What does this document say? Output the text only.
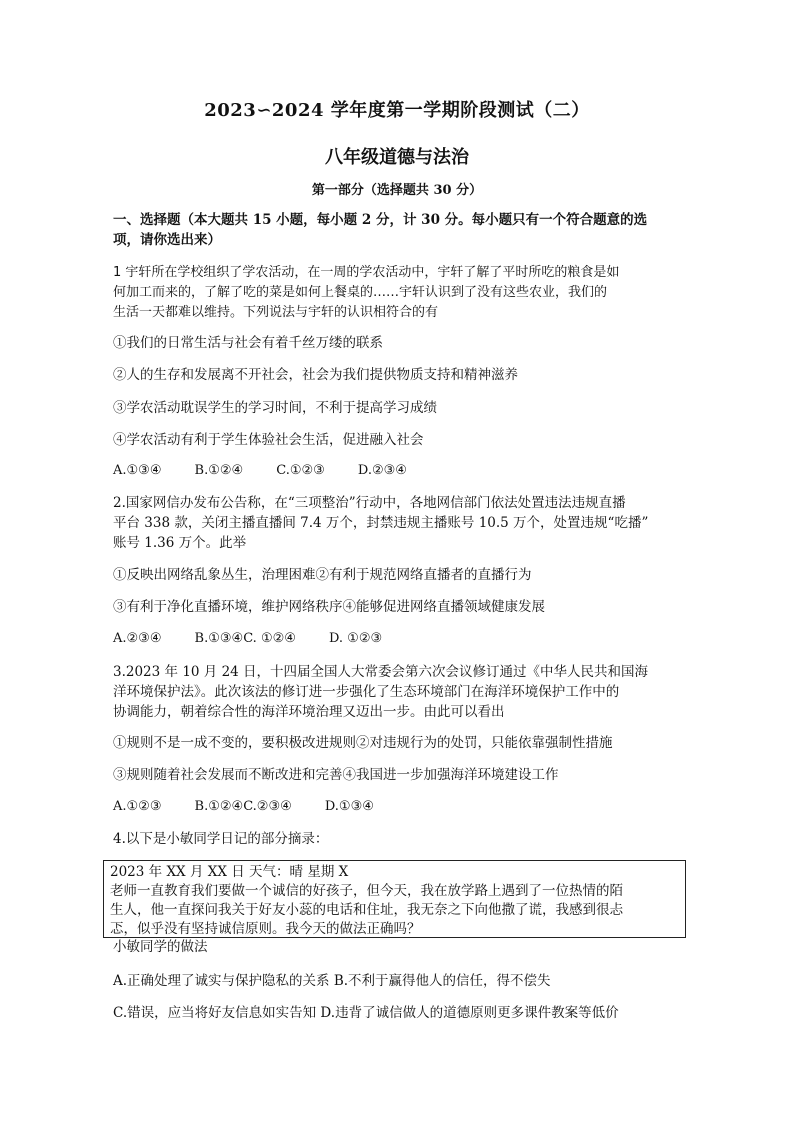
2023∽2024 学年度第一学期阶段测试（二）
八年级道德与法治
第一部分（选择题共 30 分）
一、选择题（本大题共 15 小题，每小题 2 分，计 30 分。每小题只有一个符合题意的选
项，请你选出来）
1 宇轩所在学校组织了学农活动，在一周的学农活动中，宇轩了解了平时所吃的粮食是如
何加工而来的，了解了吃的菜是如何上餐桌的……宇轩认识到了没有这些农业，我们的
生活一天都难以维持。下列说法与宇轩的认识相符合的有
①我们的日常生活与社会有着千丝万缕的联系
②人的生存和发展离不开社会，社会为我们提供物质支持和精神滋养
③学农活动耽误学生的学习时间，不利于提高学习成绩
④学农活动有利于学生体验社会生活，促进融入社会
A.①③④        B.①②④        C.①②③        D.②③④
2.国家网信办发布公告称，在“三项整治”行动中，各地网信部门依法处置违法违规直播
平台 338 款，关闭主播直播间 7.4 万个，封禁违规主播账号 10.5 万个，处置违规“吃播”
账号 1.36 万个。此举
①反映出网络乱象丛生，治理困难②有利于规范网络直播者的直播行为
③有利于净化直播环境，维护网络秩序④能够促进网络直播领域健康发展
A.②③④        B.①③④C. ①②④        D. ①②③
3.2023 年 10 月 24 日，十四届全国人大常委会第六次会议修订通过《中华人民共和国海
洋环境保护法》。此次该法的修订进一步强化了生态环境部门在海洋环境保护工作中的
协调能力，朝着综合性的海洋环境治理又迈出一步。由此可以看出
①规则不是一成不变的，要积极改进规则②对违规行为的处罚，只能依靠强制性措施
③规则随着社会发展而不断改进和完善④我国进一步加强海洋环境建设工作
A.①②③        B.①②④C.②③④        D.①③④
4.以下是小敏同学日记的部分摘录：
2023 年 XX 月 XX 日 天气：晴 星期 X
老师一直教育我们要做一个诚信的好孩子，但今天，我在放学路上遇到了一位热情的陌
生人，他一直探问我关于好友小蕊的电话和住址，我无奈之下向他撒了谎，我感到很忐
忑，似乎没有坚持诚信原则。我今天的做法正确吗？
小敏同学的做法
A.正确处理了诚实与保护隐私的关系 B.不利于赢得他人的信任，得不偿失
C.错误，应当将好友信息如实告知 D.违背了诚信做人的道德原则更多课件教案等低价
